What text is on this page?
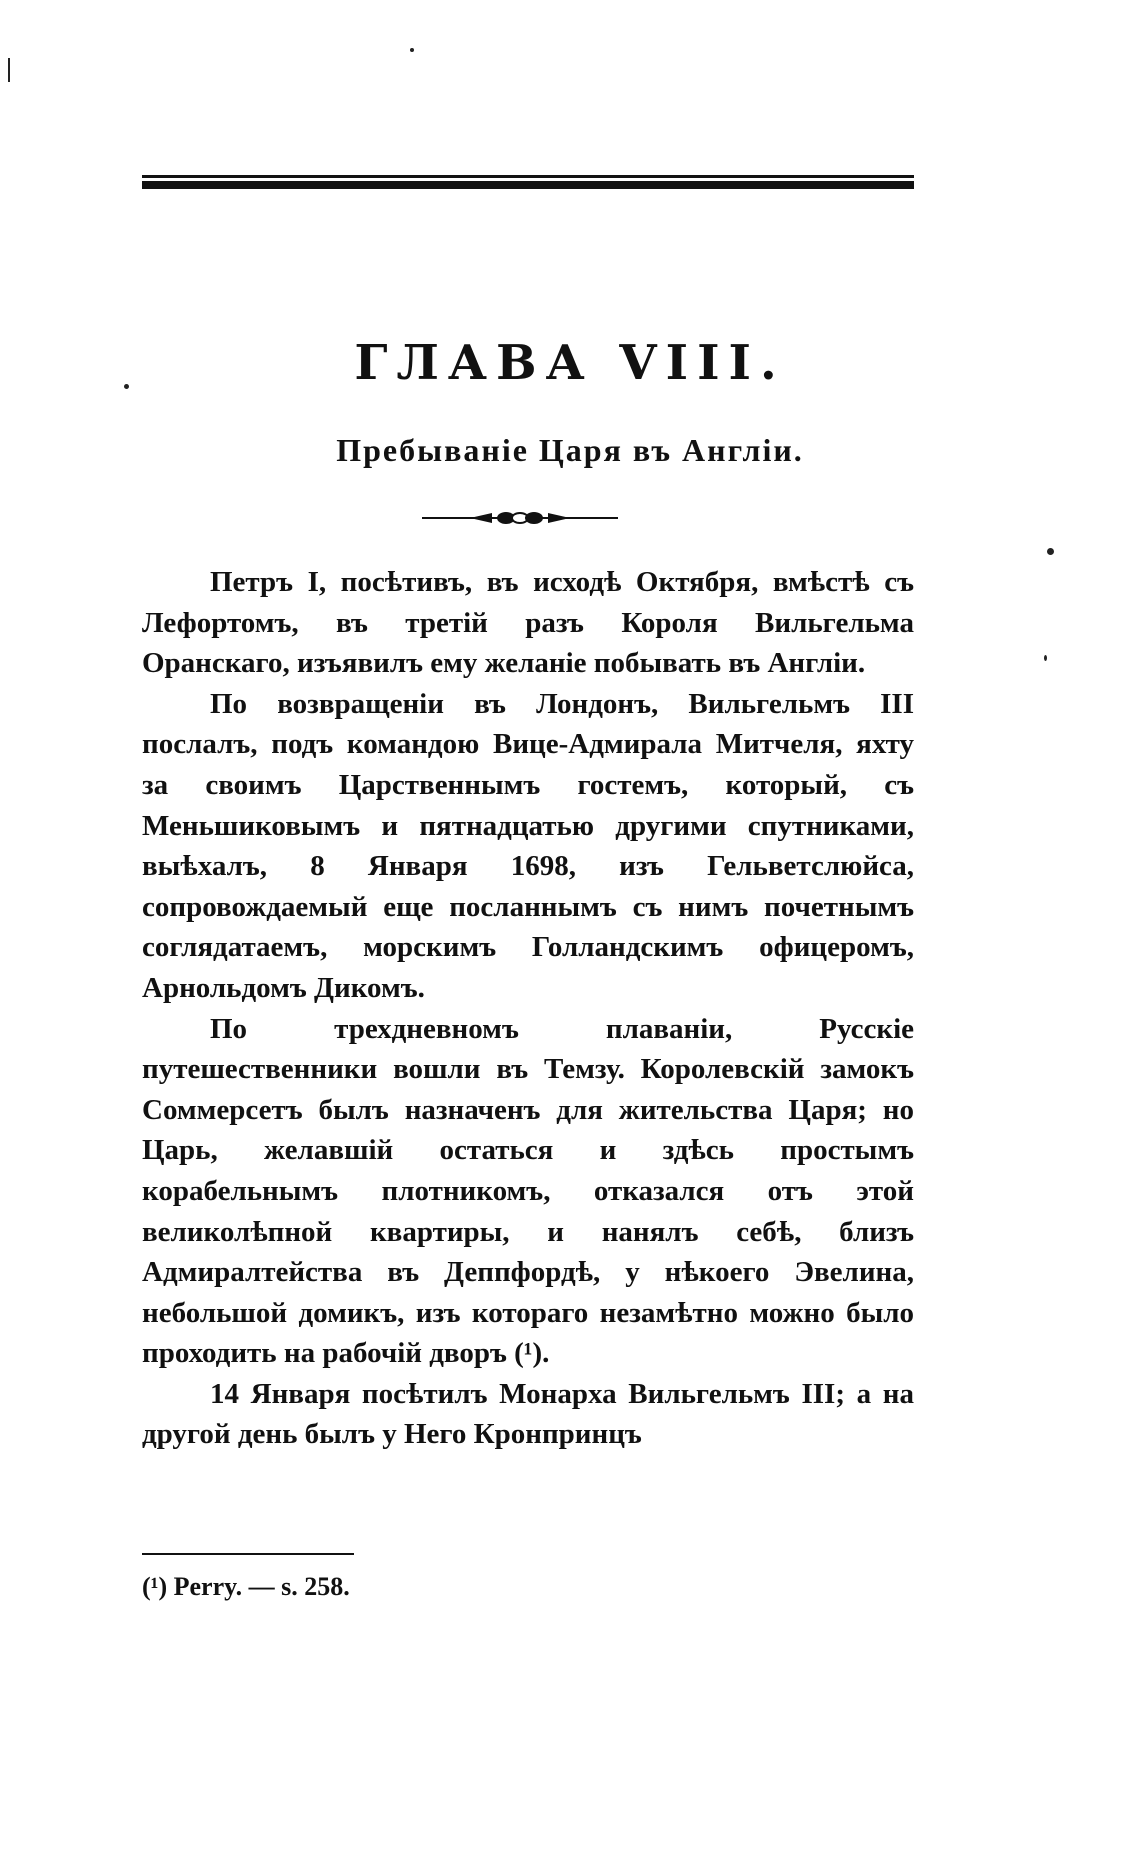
ГЛАВА VIII.
Пребываніе Царя въ Англіи.

Петръ I, посѣтивъ, въ исходѣ Октября, вмѣстѣ съ Лефортомъ, въ третій разъ Короля Вильгельма Оранскаго, изъявилъ ему желаніе побывать въ Англіи.

По возвращеніи въ Лондонъ, Вильгельмъ III послалъ, подъ командою Вице-Адмирала Митчеля, яхту за своимъ Царственнымъ гостемъ, который, съ Меньшиковымъ и пятнадцатью другими спутниками, выѣхалъ, 8 Января 1698, изъ Гельветслюйса, сопровождаемый еще посланнымъ съ нимъ почетнымъ соглядатаемъ, морскимъ Голландскимъ офицеромъ, Арнольдомъ Дикомъ.

По трехдневномъ плаваніи, Русскіе путешественники вошли въ Темзу. Королевскій замокъ Соммерсетъ былъ назначенъ для жительства Царя; но Царь, желавшій остаться и здѣсь простымъ корабельнымъ плотникомъ, отказался отъ этой великолѣпной квартиры, и нанялъ себѣ, близъ Адмиралтейства въ Деппфордѣ, у нѣкоего Эвелина, небольшой домикъ, изъ котораго незамѣтно можно было проходить на рабочій дворъ (¹).

14 Января посѣтилъ Монарха Вильгельмъ III; а на другой день былъ у Него Кронпринцъ

(¹) Perry. — s. 258.
